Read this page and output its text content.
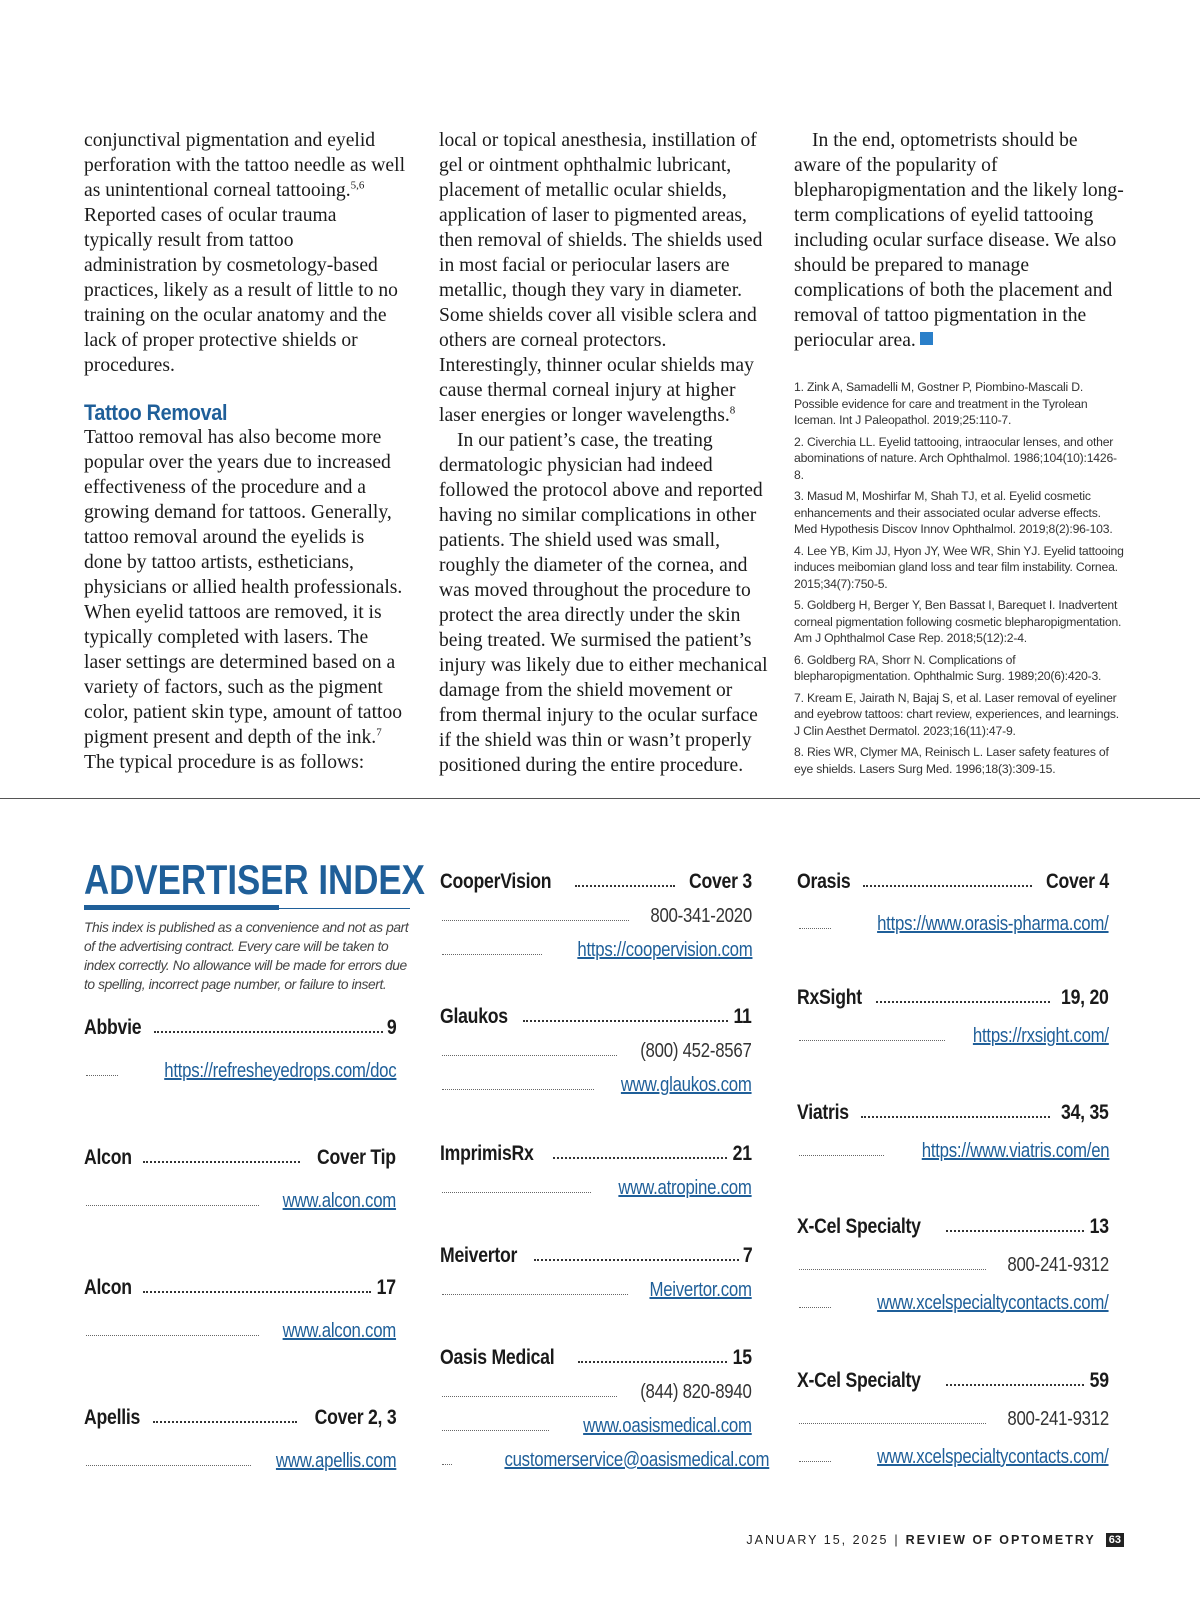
conjunctival pigmentation and eyelid perforation with the tattoo needle as well as unintentional corneal tattooing.$^{5,6}$ Reported cases of ocular trauma typically result from tattoo administration by cosmetology-based practices, likely as a result of little to no training on the ocular anatomy and the lack of proper protective shields or procedures.

Tattoo Removal

Tattoo removal has also become more popular over the years due to increased effectiveness of the procedure and a growing demand for tattoos. Generally, tattoo removal around the eyelids is done by tattoo artists, estheticians, physicians or allied health professionals. When eyelid tattoos are removed, it is typically completed with lasers. The laser settings are determined based on a variety of factors, such as the pigment color, patient skin type, amount of tattoo pigment present and depth of the ink.$^7$ The typical procedure is as follows:

local or topical anesthesia, instillation of gel or ointment ophthalmic lubricant, placement of metallic ocular shields, application of laser to pigmented areas, then removal of shields. The shields used in most facial or periocular lasers are metallic, though they vary in diameter. Some shields cover all visible sclera and others are corneal protectors. Interestingly, thinner ocular shields may cause thermal corneal injury at higher laser energies or longer wavelengths.$^8$

In our patient’s case, the treating dermatologic physician had indeed followed the protocol above and reported having no similar complications in other patients. The shield used was small, roughly the diameter of the cornea, and was moved throughout the procedure to protect the area directly under the skin being treated. We surmised the patient’s injury was likely due to either mechanical damage from the shield movement or from thermal injury to the ocular surface if the shield was thin or wasn’t properly positioned during the entire procedure.

In the end, optometrists should be aware of the popularity of blepharopigmentation and the likely long-term complications of eyelid tattooing including ocular surface disease. We also should be prepared to manage complications of both the placement and removal of tattoo pigmentation in the periocular area.

1. Zink A, Samadelli M, Gostner P, Piombino-Mascali D. Possible evidence for care and treatment in the Tyrolean Iceman. Int J Paleopathol. 2019;25:110-7.
2. Civerchia LL. Eyelid tattooing, intraocular lenses, and other abominations of nature. Arch Ophthalmol. 1986;104(10):1426-8.
3. Masud M, Moshirfar M, Shah TJ, et al. Eyelid cosmetic enhancements and their associated ocular adverse effects. Med Hypothesis Discov Innov Ophthalmol. 2019;8(2):96-103.
4. Lee YB, Kim JJ, Hyon JY, Wee WR, Shin YJ. Eyelid tattooing induces meibomian gland loss and tear film instability. Cornea. 2015;34(7):750-5.
5. Goldberg H, Berger Y, Ben Bassat I, Barequet I. Inadvertent corneal pigmentation following cosmetic blepharopigmentation. Am J Ophthalmol Case Rep. 2018;5(12):2-4.
6. Goldberg RA, Shorr N. Complications of blepharopigmentation. Ophthalmic Surg. 1989;20(6):420-3.
7. Kream E, Jairath N, Bajaj S, et al. Laser removal of eyeliner and eyebrow tattoos: chart review, experiences, and learnings. J Clin Aesthet Dermatol. 2023;16(11):47-9.
8. Ries WR, Clymer MA, Reinisch L. Laser safety features of eye shields. Lasers Surg Med. 1996;18(3):309-15.
ADVERTISER INDEX
This index is published as a convenience and not as part of the advertising contract. Every care will be taken to index correctly. No allowance will be made for errors due to spelling, incorrect page number, or failure to insert.
Abbvie	9
https://refresheyedrops.com/doc
Alcon	Cover Tip
www.alcon.com
Alcon	17
www.alcon.com
Apellis	Cover 2, 3
www.apellis.com
CooperVision	Cover 3
800-341-2020
https://coopervision.com
Glaukos	11
(800) 452-8567
www.glaukos.com
ImprimisRx	21
www.atropine.com
Meivertor	7
Meivertor.com
Oasis Medical	15
(844) 820-8940
www.oasismedical.com
customerservice@oasismedical.com
Orasis	Cover 4
https://www.orasis-pharma.com/
RxSight	19, 20
https://rxsight.com/
Viatris	34, 35
https://www.viatris.com/en
X-Cel Specialty	13
800-241-9312
www.xcelspecialtycontacts.com/
X-Cel Specialty	59
800-241-9312
www.xcelspecialtycontacts.com/
JANUARY 15, 2025 | REVIEW OF OPTOMETRY 63
